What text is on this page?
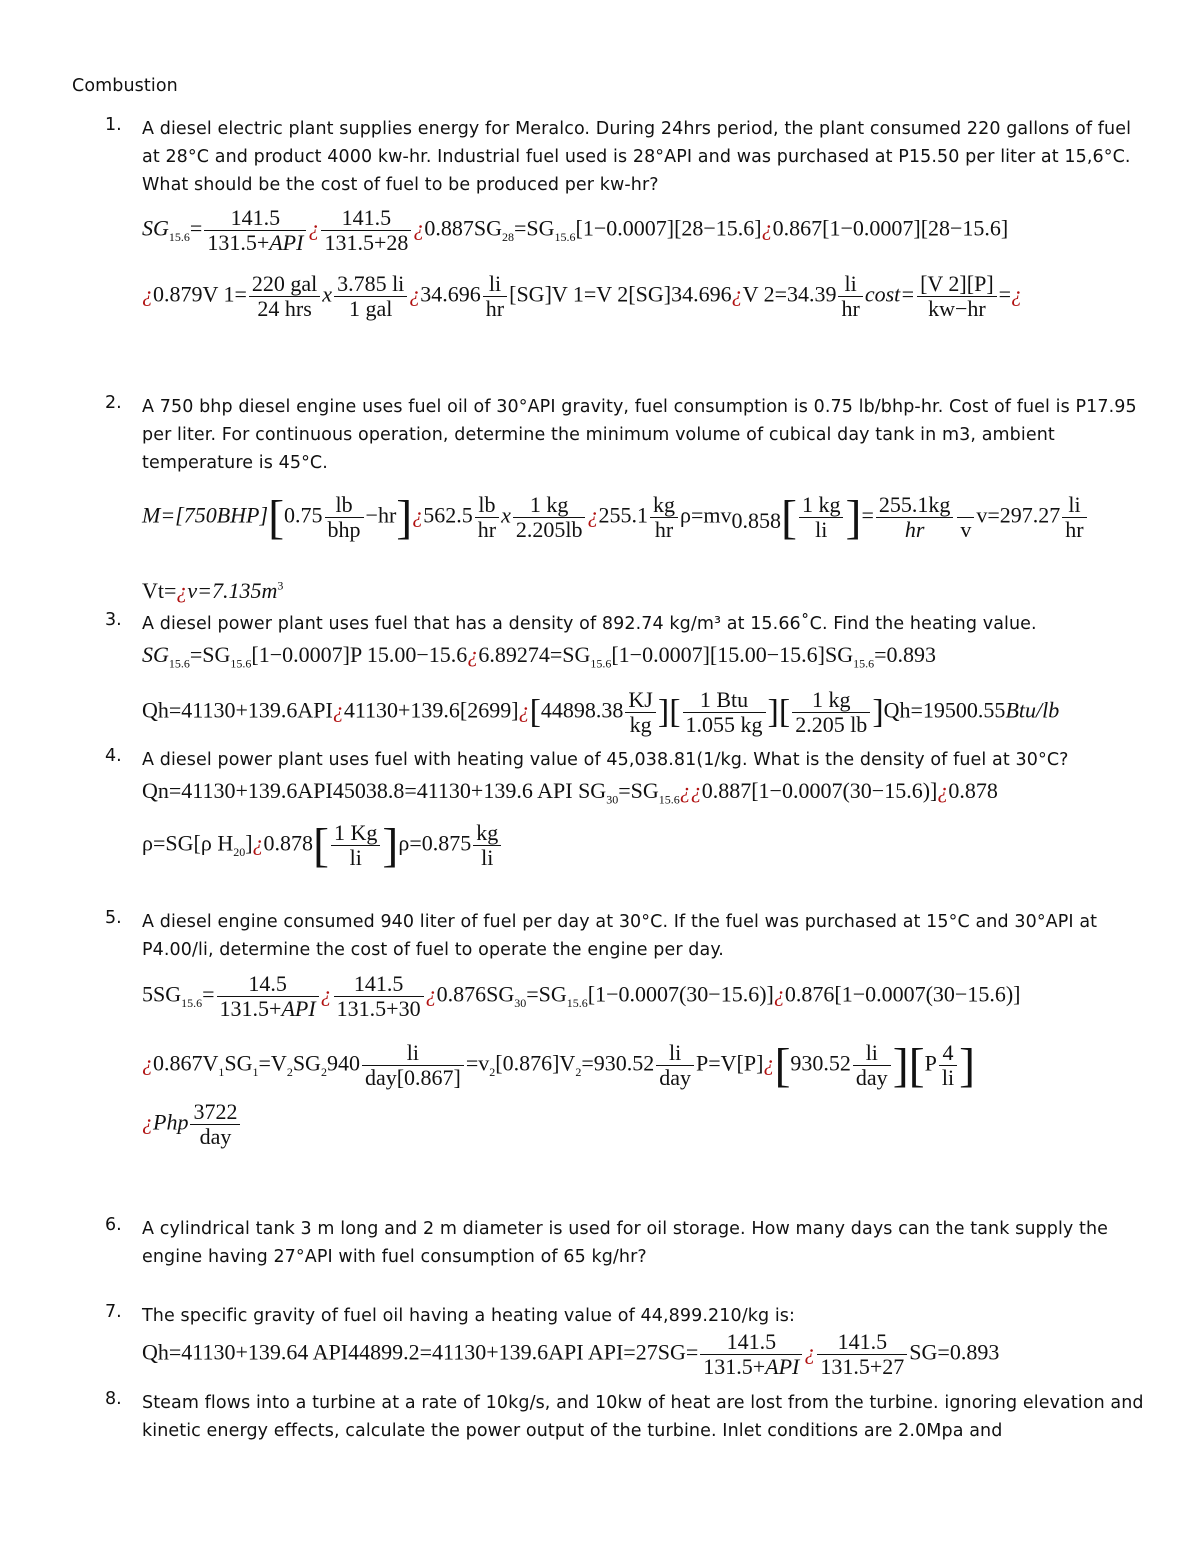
Combustion
1.	A diesel electric plant supplies energy for Meralco. During 24hrs period, the plant consumed 220 gallons of fuel
at 28°C and product 4000 kw-hr. Industrial fuel used is 28°API and was purchased at P15.50 per liter at 15,6°C.
What should be the cost of fuel to be produced per kw-hr?
$SG_{15.6}= \frac{141.5}{\text{131.5+API}}$ ¿ $\frac{141.5}{131.5+28}$ ¿$0.887SG_{28}=SG_{15.6}[1-0.0007][28-15.6]¿0.867[1-0.0007][28-15.6]$
¿0.879V $1= \frac{\text{220 gal}}{\text{24 hrs}}$ x $\frac{3.785 li}{\text{1 gal}}$ ¿$34.696 \frac{li}{hr} [SG]V$ 1=V 2[SG]34.696¿V $2=34.39 \frac{li}{hr} \cos t= \frac{[V 2][P]}{kw-hr}$ =¿
2.	A 750 bhp diesel engine uses fuel oil of 30°API gravity, fuel consumption is 0.75 lb/bhp-hr. Cost of fuel is P17.95
per liter. For continuous operation, determine the minimum volume of cubical day tank in m3, ambient
temperature is 45°C.
$M=[750BHP][0.75 \frac{lb}{\text{bhp}}$ −hr]¿562.5 $\frac{lb}{hr}$ x $\frac{1 kg}{2.205lb}$ ¿$255.1 \frac{kg}{hr} \rho=mv_{0.858}[ \frac{1 kg}{li}$ ]= $\frac{255.1kg}{hr}$
v
$v=297.27 \frac{li}{hr}$
$Vt=¿v=7.135m^3$
3.	A diesel power plant uses fuel that has a density of 892.74 kg/m³ at 15.66˚C. Find the heating value.
$SG_{15.6}=SG_{15.6}[1-0.0007]P$ $15.00-15.6¿6.89274=SG_{15.6}[1-0.0007][15.00-15.6]SG_{15.6}=0.893$
Qh=41130+139.6API¿41130+139.6[2699]¿[44898.38 $\frac{KJ}{kg}$ ][ $\frac{\text{1 Btu}}{1.055 kg}$ ][ $\frac{1 kg}{2.205 lb} ]Qh=19500.55Btu/lb$
4.	A diesel power plant uses fuel with heating value of 45,038.81(1/kg. What is the density of fuel at 30°C?
Qn=41130+139.6API45038.8=41130+139.6 API $SG_{30}=SG_{15.6}¿¿0.887[1-0.0007(30-15.6)]¿0.878$
ρ=SG[ρ $H_{20}]¿0.878[ \frac{1 Kg}{li} ]\rho=0.875 \frac{kg}{li}$
5.	A diesel engine consumed 940 liter of fuel per day at 30°C. If the fuel was purchased at 15°C and 30°API at
P4.00/li, determine the cost of fuel to operate the engine per day.
$5SG_{15.6}= \frac{14.5}{\text{131.5+API}}$ ¿ $\frac{141.5}{131.5+30}$ ¿$0.876SG_{30}=SG_{15.6}[1-0.0007(30-15.6)]¿0.876[1-0.0007(30-15.6)]$
¿$0.867V_1SG_1=V_2SG_2940 \frac{li}{\text{day[0.867]}} =v_2[0.876]V_2=930.52 \frac{li}{\text{day}}$ P=V[P]¿[930.52 $\frac{li}{\text{day}} ][P \frac{4}{li}$ ]
¿Php $\frac{3722}{\text{day}}$
6.	A cylindrical tank 3 m long and 2 m diameter is used for oil storage. How many days can the tank supply the
engine having 27°API with fuel consumption of 65 kg/hr?
7.	The specific gravity of fuel oil having a heating value of 44,899.210/kg is:
Qh=41130+139.64 API44899.2=41130+139.6API $API=27SG= \frac{141.5}{\text{131.5+API}}$ ¿ $\frac{141.5}{131.5+27} SG=0.893$
8.	Steam flows into a turbine at a rate of 10kg/s, and 10kw of heat are lost from the turbine. ignoring elevation and
kinetic energy effects, calculate the power output of the turbine. Inlet conditions are 2.0Mpa and
